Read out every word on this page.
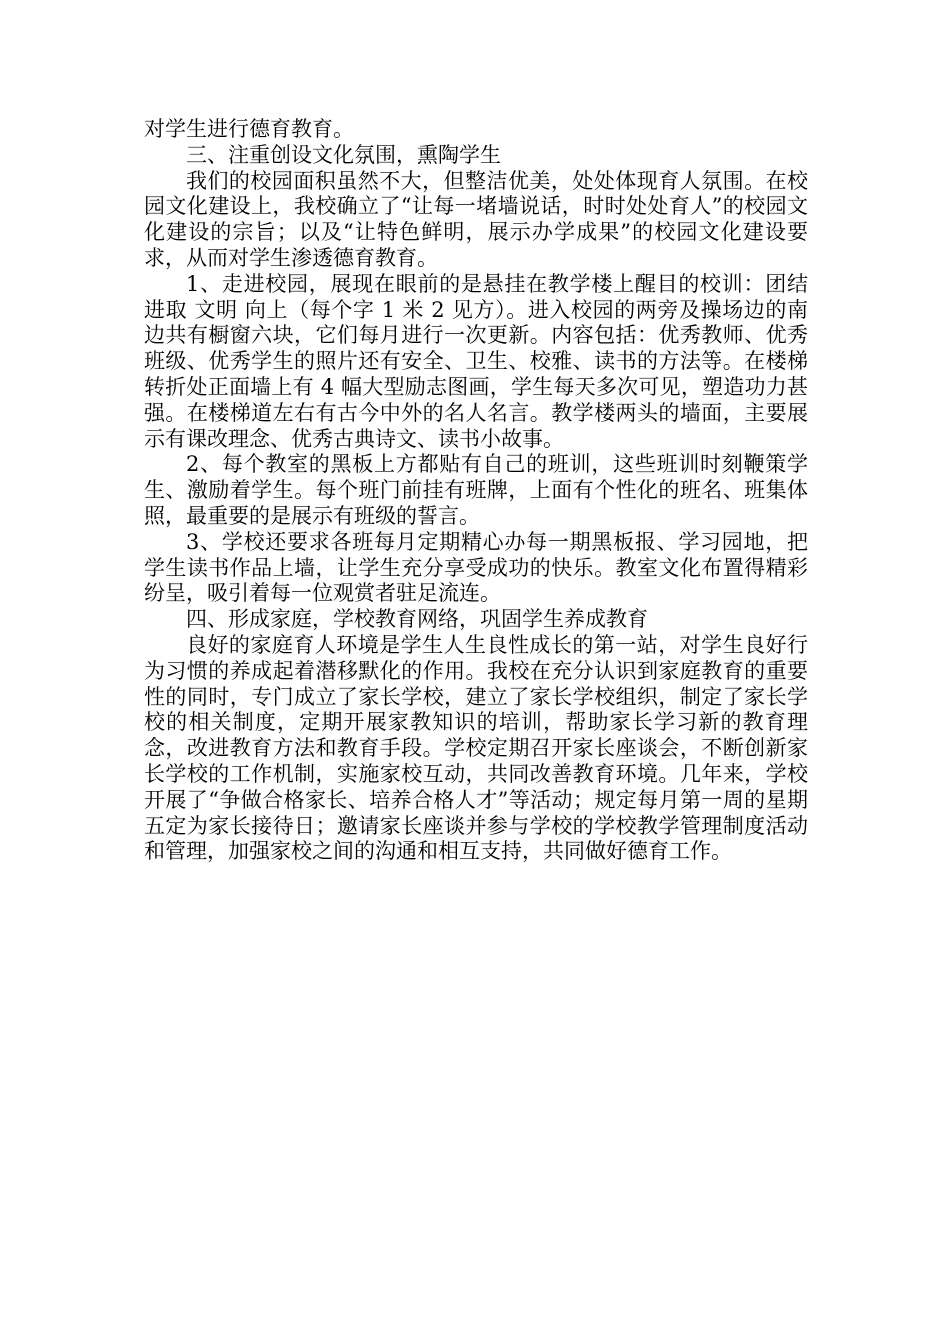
对学生进行德育教育。

三、注重创设文化氛围，熏陶学生

我们的校园面积虽然不大，但整洁优美，处处体现育人氛围。在校园文化建设上，我校确立了“让每一堵墙说话，时时处处育人”的校园文化建设的宗旨；以及“让特色鲜明，展示办学成果”的校园文化建设要求，从而对学生渗透德育教育。

1、走进校园，展现在眼前的是悬挂在教学楼上醒目的校训：团结进取 文明 向上（每个字 1 米 2 见方）。进入校园的两旁及操场边的南边共有橱窗六块，它们每月进行一次更新。内容包括：优秀教师、优秀班级、优秀学生的照片还有安全、卫生、校雅、读书的方法等。在楼梯转折处正面墙上有 4 幅大型励志图画，学生每天多次可见，塑造功力甚强。在楼梯道左右有古今中外的名人名言。教学楼两头的墙面，主要展示有课改理念、优秀古典诗文、读书小故事。

2、每个教室的黑板上方都贴有自己的班训，这些班训时刻鞭策学生、激励着学生。每个班门前挂有班牌，上面有个性化的班名、班集体照，最重要的是展示有班级的誓言。

3、学校还要求各班每月定期精心办每一期黑板报、学习园地，把学生读书作品上墙，让学生充分享受成功的快乐。教室文化布置得精彩纷呈，吸引着每一位观赏者驻足流连。

四、形成家庭，学校教育网络，巩固学生养成教育

良好的家庭育人环境是学生人生良性成长的第一站，对学生良好行为习惯的养成起着潜移默化的作用。我校在充分认识到家庭教育的重要性的同时，专门成立了家长学校，建立了家长学校组织，制定了家长学校的相关制度，定期开展家教知识的培训，帮助家长学习新的教育理念，改进教育方法和教育手段。学校定期召开家长座谈会，不断创新家长学校的工作机制，实施家校互动，共同改善教育环境。几年来，学校开展了“争做合格家长、培养合格人才”等活动；规定每月第一周的星期五定为家长接待日；邀请家长座谈并参与学校的学校教学管理制度活动和管理，加强家校之间的沟通和相互支持，共同做好德育工作。
